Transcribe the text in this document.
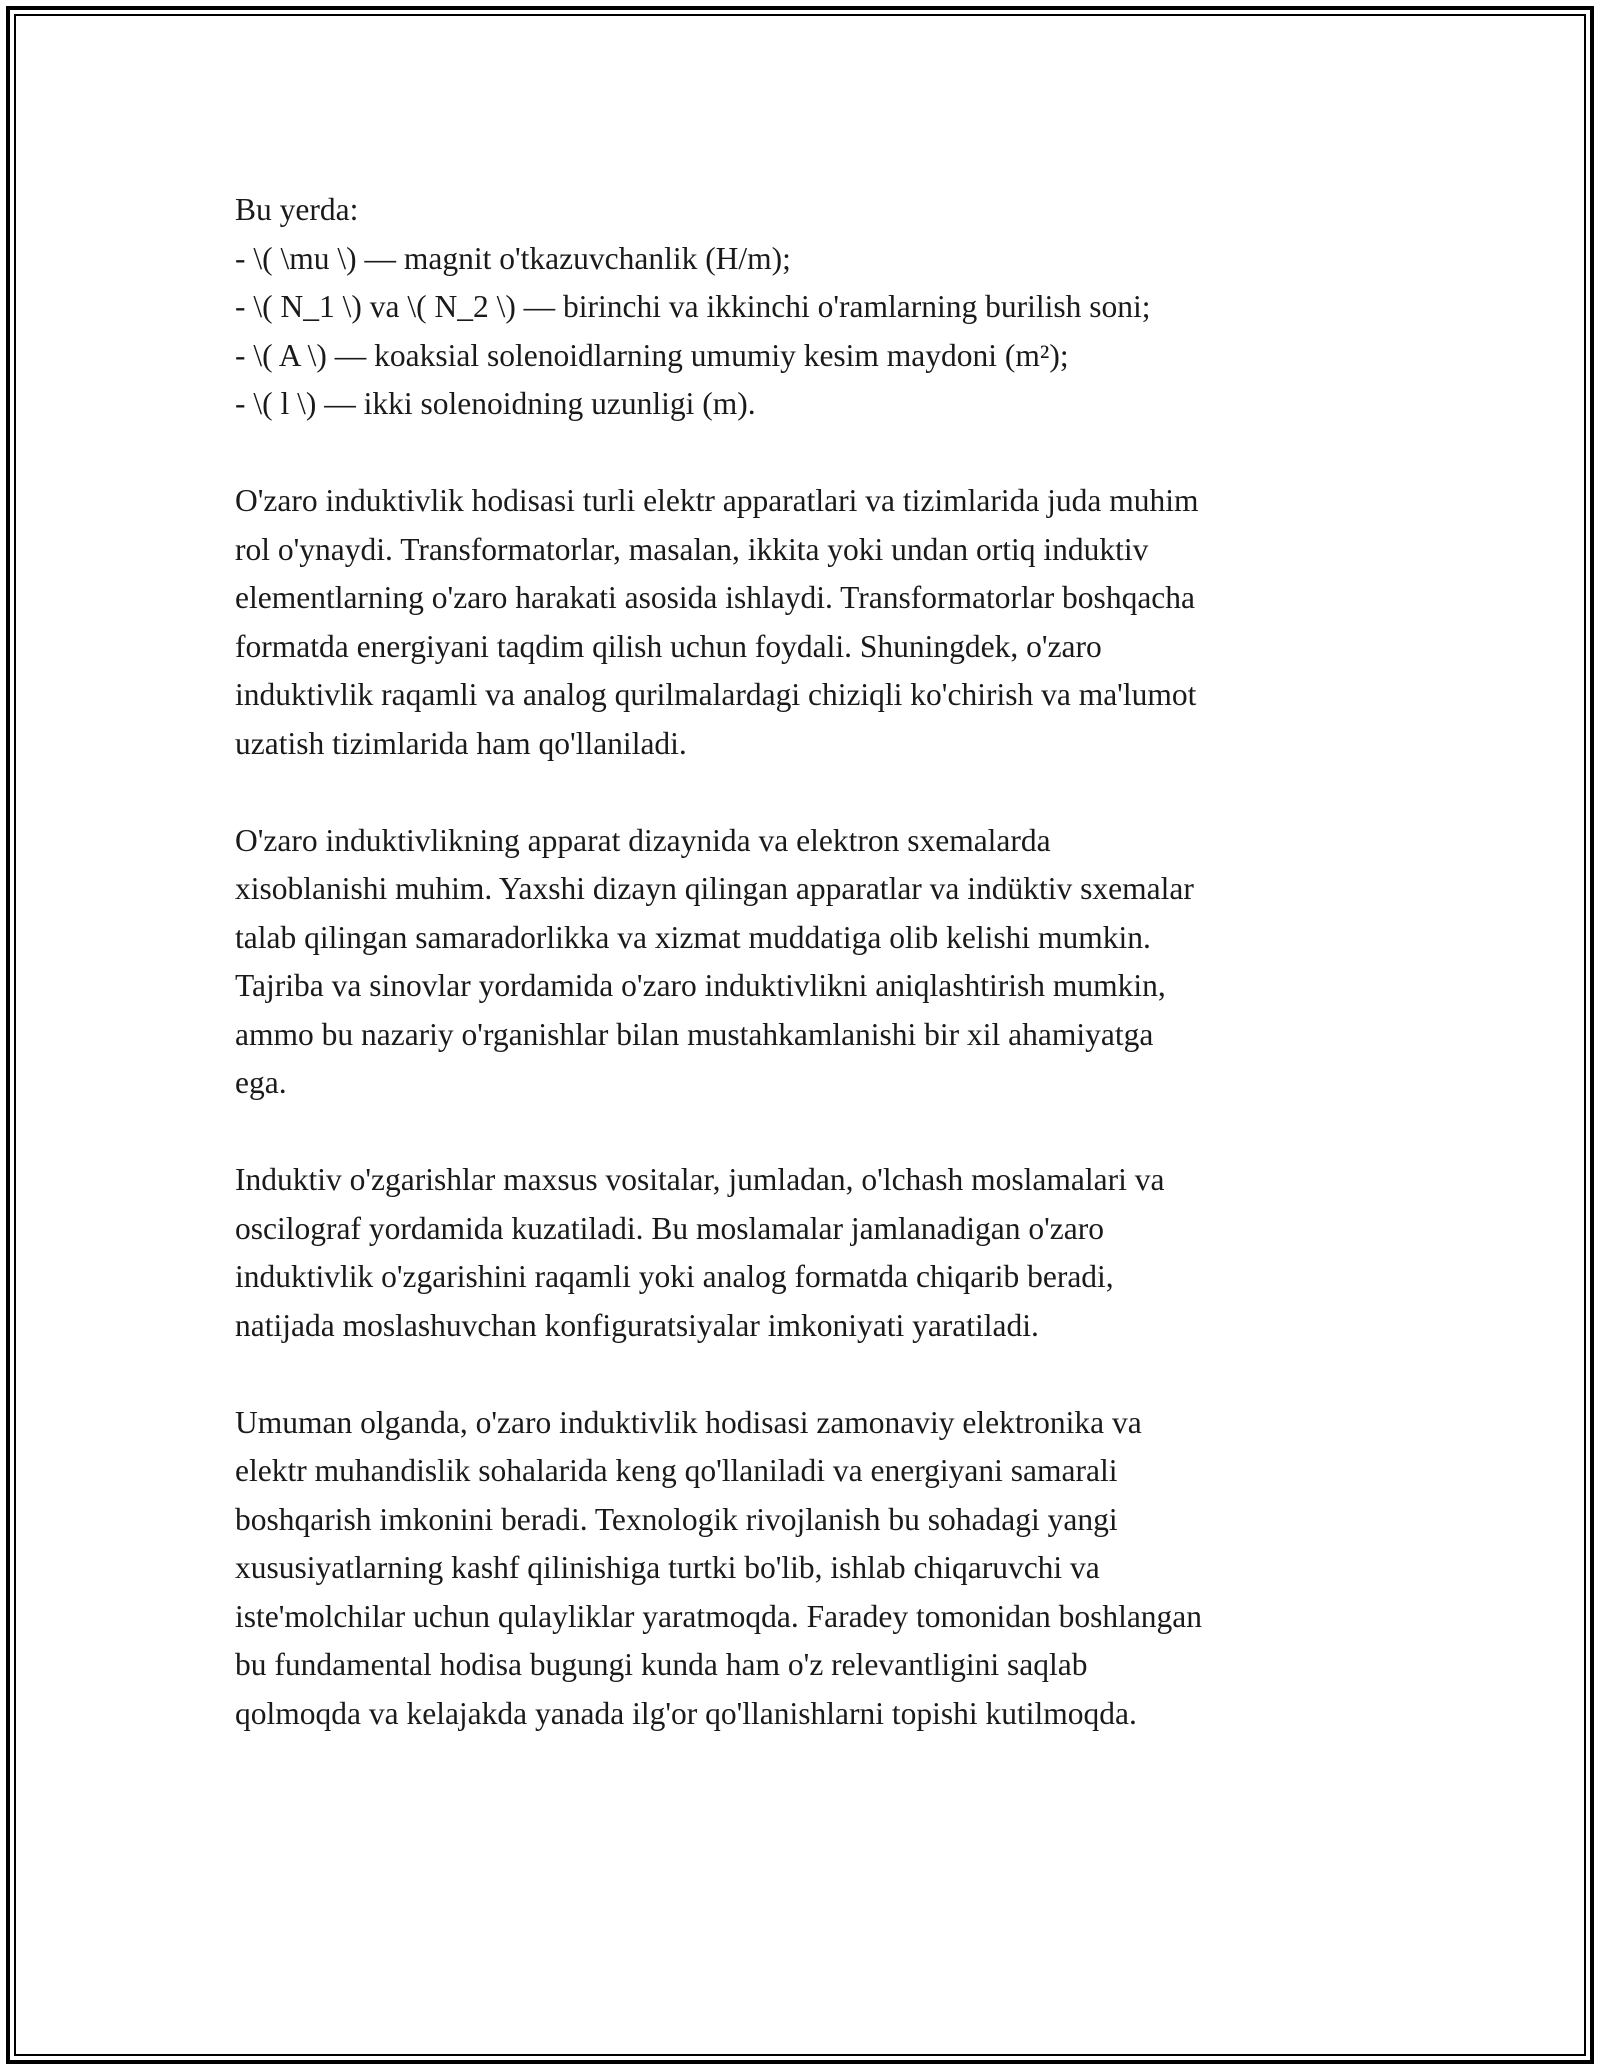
Bu yerda:
- \( \mu \) — magnit o'tkazuvchanlik (H/m);
- \( N_1 \) va \( N_2 \) — birinchi va ikkinchi o'ramlarning burilish soni;
- \( A \) — koaksial solenoidlarning umumiy kesim maydoni (m²);
- \( l \) — ikki solenoidning uzunligi (m).
O'zaro induktivlik hodisasi turli elektr apparatlari va tizimlarida juda muhim
rol o'ynaydi. Transformatorlar, masalan, ikkita yoki undan ortiq induktiv
elementlarning o'zaro harakati asosida ishlaydi. Transformatorlar boshqacha
formatda energiyani taqdim qilish uchun foydali. Shuningdek, o'zaro
induktivlik raqamli va analog qurilmalardagi chiziqli ko'chirish va ma'lumot
uzatish tizimlarida ham qo'llaniladi.
O'zaro induktivlikning apparat dizaynida va elektron sxemalarda
xisoblanishi muhim. Yaxshi dizayn qilingan apparatlar va indüktiv sxemalar
talab qilingan samaradorlikka va xizmat muddatiga olib kelishi mumkin.
Tajriba va sinovlar yordamida o'zaro induktivlikni aniqlashtirish mumkin,
ammo bu nazariy o'rganishlar bilan mustahkamlanishi bir xil ahamiyatga
ega.
Induktiv o'zgarishlar maxsus vositalar, jumladan, o'lchash moslamalari va
oscilograf yordamida kuzatiladi. Bu moslamalar jamlanadigan o'zaro
induktivlik o'zgarishini raqamli yoki analog formatda chiqarib beradi,
natijada moslashuvchan konfiguratsiyalar imkoniyati yaratiladi.
Umuman olganda, o'zaro induktivlik hodisasi zamonaviy elektronika va
elektr muhandislik sohalarida keng qo'llaniladi va energiyani samarali
boshqarish imkonini beradi. Texnologik rivojlanish bu sohadagi yangi
xususiyatlarning kashf qilinishiga turtki bo'lib, ishlab chiqaruvchi va
iste'molchilar uchun qulayliklar yaratmoqda. Faradey tomonidan boshlangan
bu fundamental hodisa bugungi kunda ham o'z relevantligini saqlab
qolmoqda va kelajakda yanada ilg'or qo'llanishlarni topishi kutilmoqda.
